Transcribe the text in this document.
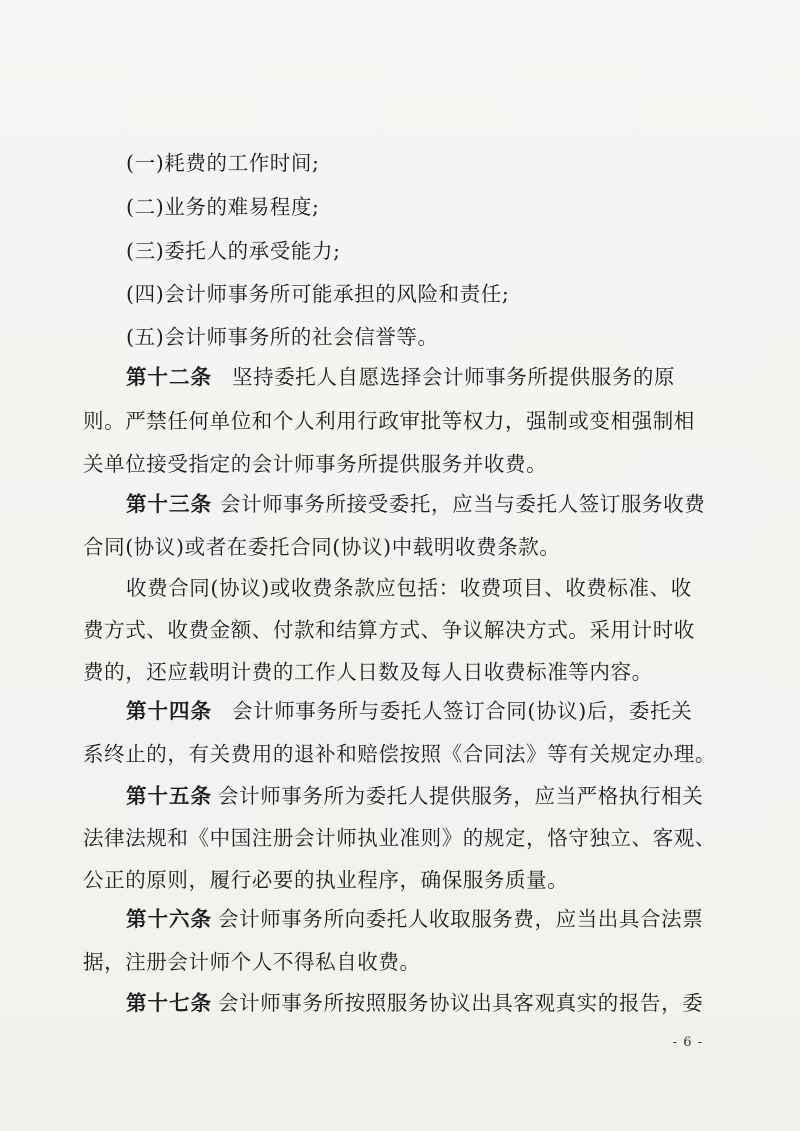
(一)耗费的工作时间;
(二)业务的难易程度;
(三)委托人的承受能力;
(四)会计师事务所可能承担的风险和责任;
(五)会计师事务所的社会信誉等。
第十二条 坚持委托人自愿选择会计师事务所提供服务的原
则。严禁任何单位和个人利用行政审批等权力，强制或变相强制相
关单位接受指定的会计师事务所提供服务并收费。
第十三条 会计师事务所接受委托，应当与委托人签订服务收费
合同(协议)或者在委托合同(协议)中载明收费条款。
收费合同(协议)或收费条款应包括：收费项目、收费标准、收
费方式、收费金额、付款和结算方式、争议解决方式。采用计时收
费的，还应载明计费的工作人日数及每人日收费标准等内容。
第十四条 会计师事务所与委托人签订合同(协议)后，委托关
系终止的，有关费用的退补和赔偿按照《合同法》等有关规定办理。
第十五条 会计师事务所为委托人提供服务，应当严格执行相关
法律法规和《中国注册会计师执业准则》的规定，恪守独立、客观、
公正的原则，履行必要的执业程序，确保服务质量。
第十六条 会计师事务所向委托人收取服务费，应当出具合法票
据，注册会计师个人不得私自收费。
第十七条 会计师事务所按照服务协议出具客观真实的报告，委
- 6 -
